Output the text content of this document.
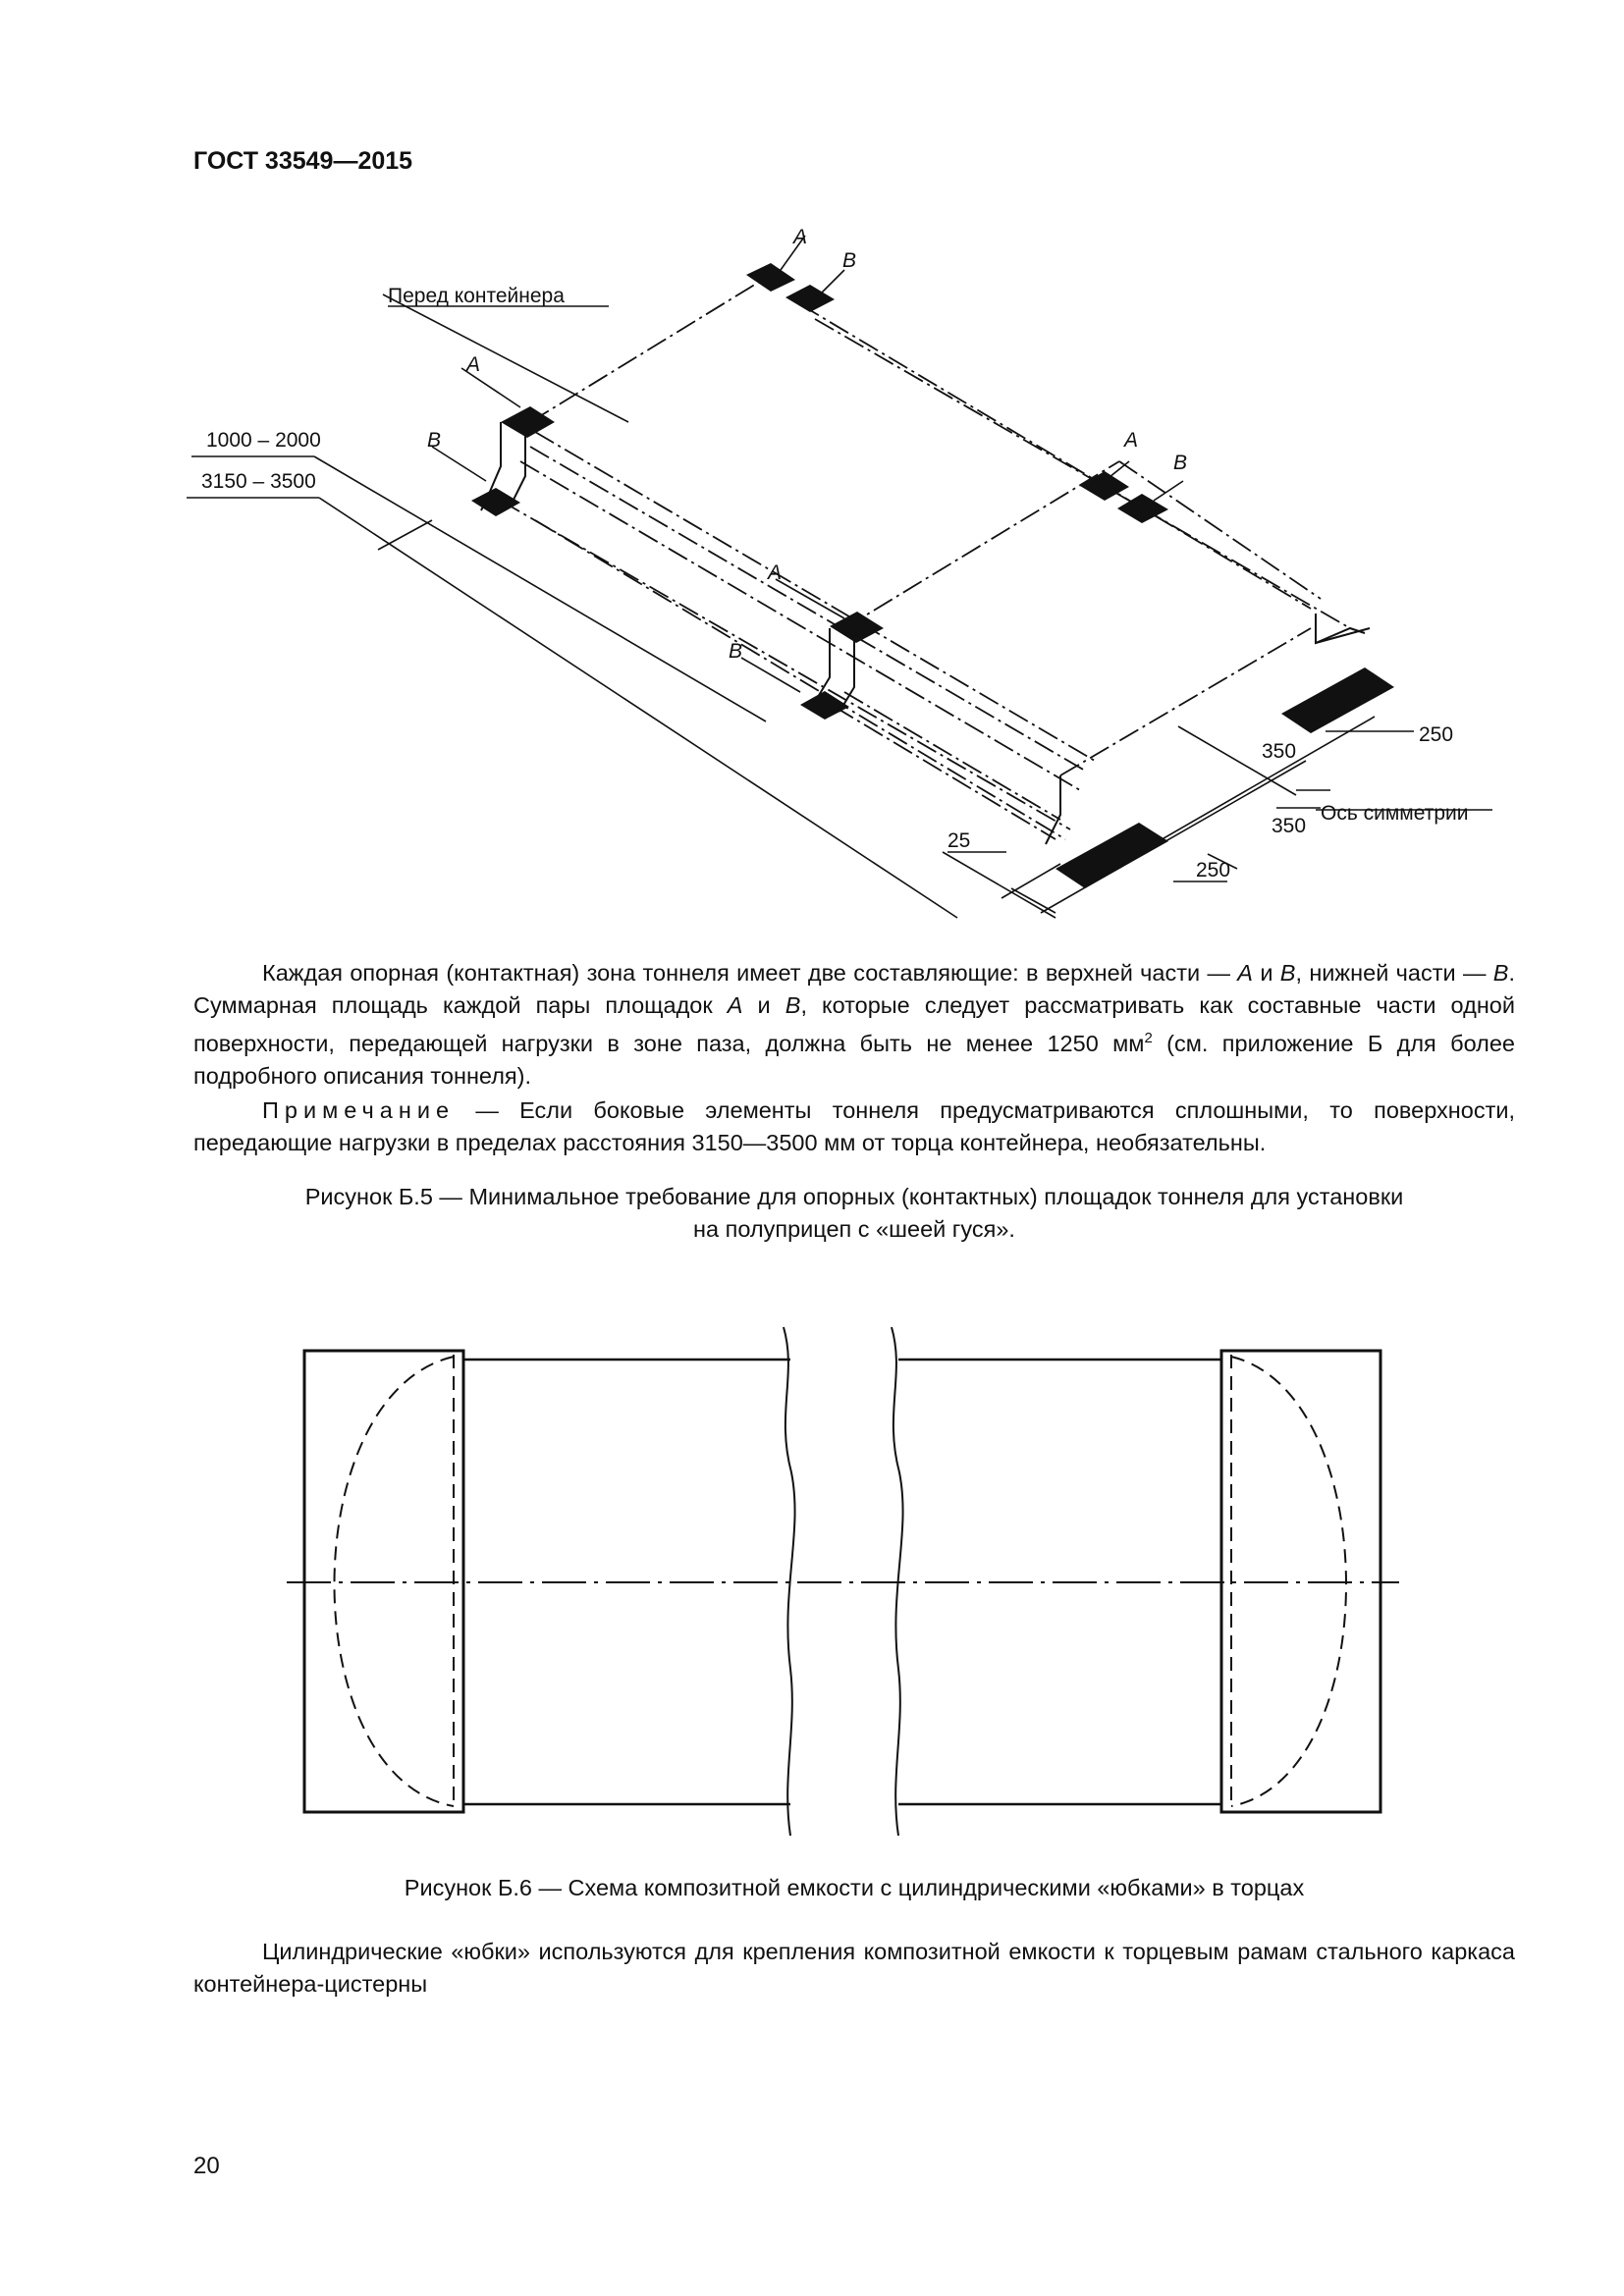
ГОСТ 33549—2015
Перед контейнера
A
B
A
B	A
B
A
B
1000 – 2000
3150 – 3500
250
350
350
250
25
Ось симметрии
Каждая опорная (контактная) зона тоннеля имеет две составляющие: в верхней части — A и B, нижней части — B. Суммарная площадь каждой пары площадок A и B, которые следует рассматривать как составные части одной поверхности, передающей нагрузки в зоне паза, должна быть не менее 1250 $мм^2$ (см. приложение Б для более подробного описания тоннеля).
Примечание — Если боковые элементы тоннеля предусматриваются сплошными, то поверхности, передающие нагрузки в пределах расстояния 3150—3500 мм от торца контейнера, необязательны.
Рисунок Б.5 — Минимальное требование для опорных (контактных) площадок тоннеля для установки
на полуприцеп с «шеей гуся».
Рисунок Б.6 — Схема композитной емкости с цилиндрическими «юбками» в торцах
Цилиндрические «юбки» используются для крепления композитной емкости к торцевым рамам стального каркаса контейнера-цистерны
20
